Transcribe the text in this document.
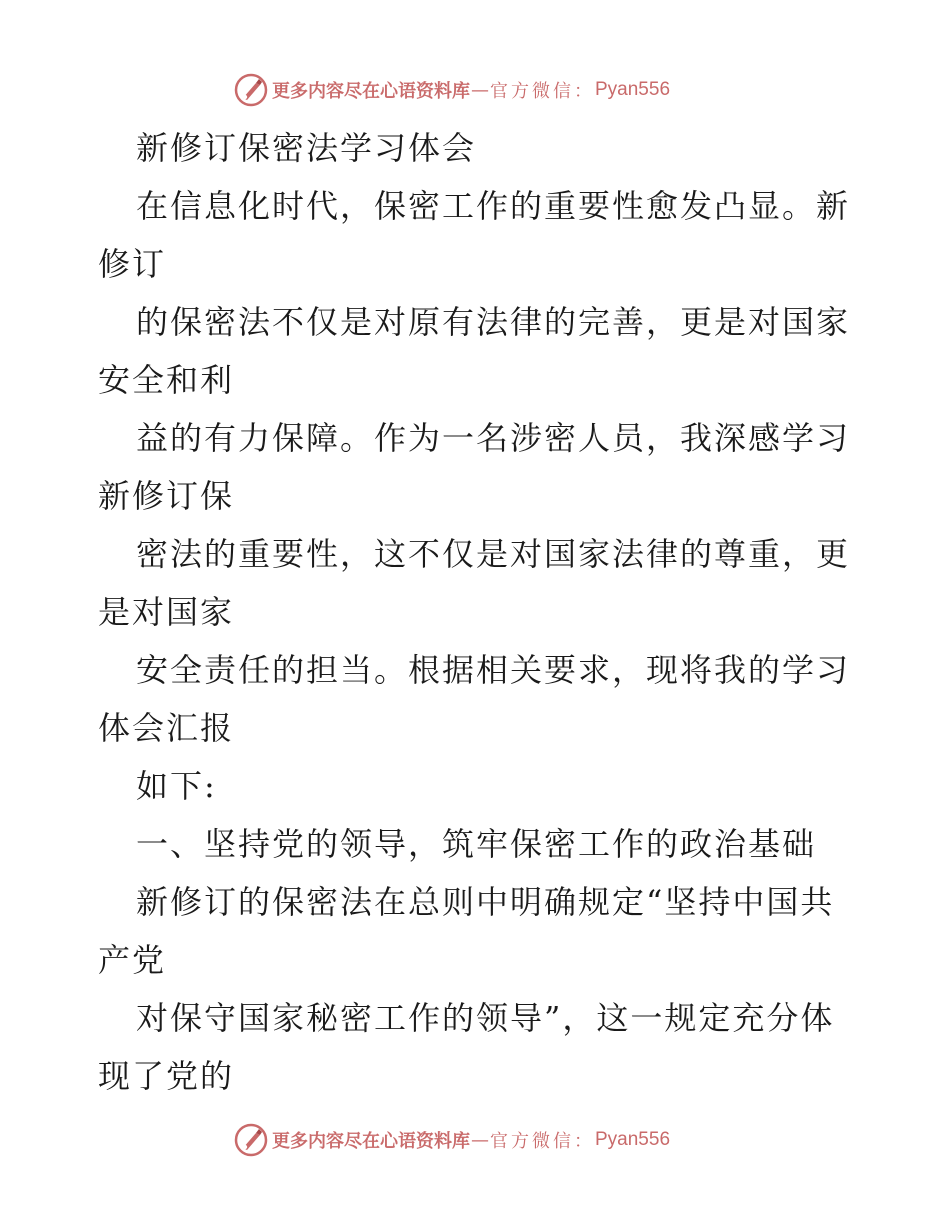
更多内容尽在心语资料库 — 官方微信： Pyan556
新修订保密法学习体会
在信息化时代，保密工作的重要性愈发凸显。新
修订
的保密法不仅是对原有法律的完善，更是对国家
安全和利
益的有力保障。作为一名涉密人员，我深感学习
新修订保
密法的重要性，这不仅是对国家法律的尊重，更
是对国家
安全责任的担当。根据相关要求，现将我的学习
体会汇报
如下:
一、坚持党的领导，筑牢保密工作的政治基础
新修订的保密法在总则中明确规定“坚持中国共
产党
对保守国家秘密工作的领导”，这一规定充分体
现了党的
更多内容尽在心语资料库 — 官方微信： Pyan556
